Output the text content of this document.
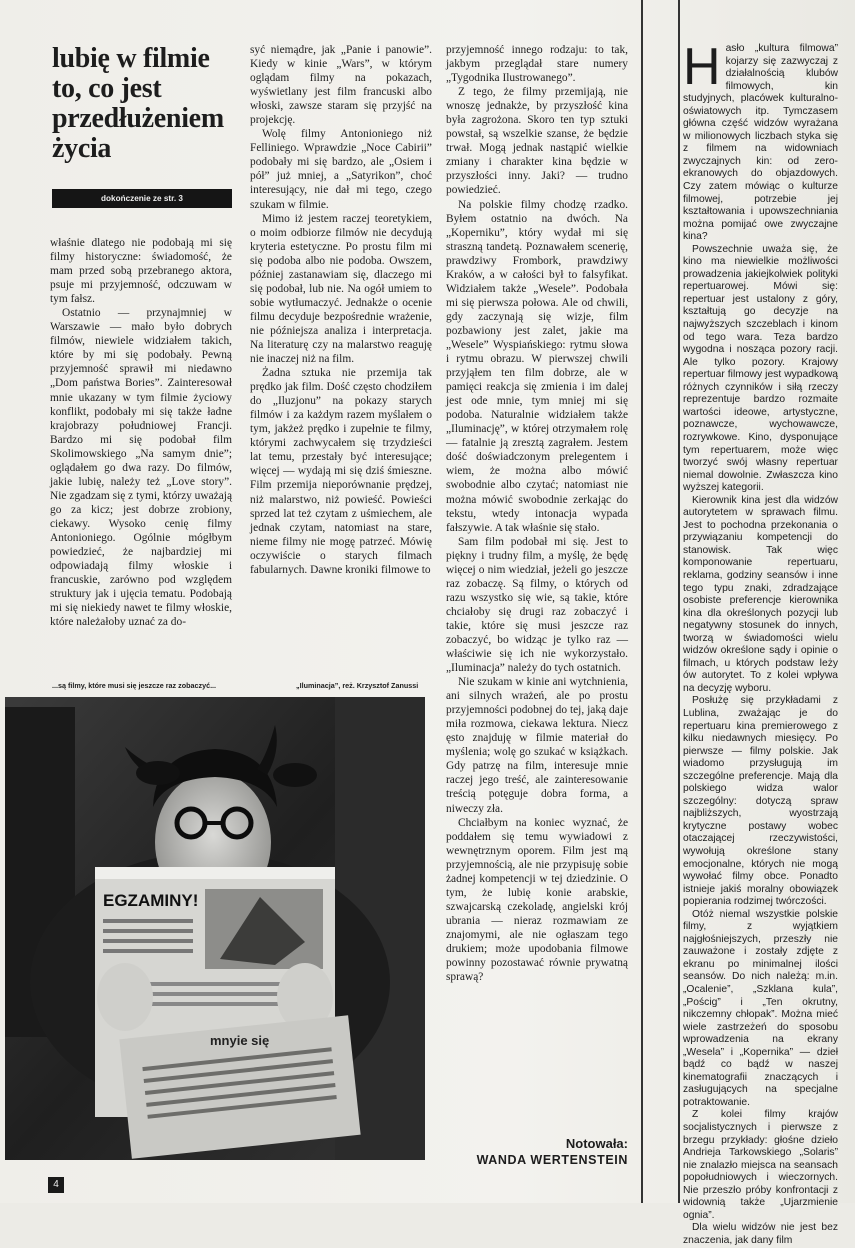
lubię w filmie to, co jest przedłużeniem życia
dokończenie ze str. 3

właśnie dlatego nie podobają mi się filmy historyczne: świadomość, że mam przed sobą przebranego aktora, psuje mi przyjemność, odczuwam w tym fałsz.

Ostatnio — przynajmniej w Warszawie — mało było dobrych filmów, niewiele widziałem takich, które by mi się podobały. Pewną przyjemność sprawił mi niedawno „Dom państwa Bories”. Zainteresował mnie ukazany w tym filmie życiowy konflikt, podobały mi się także ładne krajobrazy południowej Francji. Bardzo mi się podobał film Skolimowskiego „Na samym dnie”; oglądałem go dwa razy. Do filmów, jakie lubię, należy też „Love story”. Nie zgadzam się z tymi, którzy uważają go za kicz; jest dobrze zrobiony, ciekawy. Wysoko cenię filmy Antonioniego. Ogólnie mógłbym powiedzieć, że najbardziej mi odpowiadają filmy włoskie i francuskie, zarówno pod względem struktury jak i ujęcia tematu. Podobają mi się niekiedy nawet te filmy włoskie, które należałoby uznać za do-

syć niemądre, jak „Panie i panowie”. Kiedy w kinie „Wars”, w którym oglądam filmy na pokazach, wyświetlany jest film francuski albo włoski, zawsze staram się przyjść na projekcję.

Wolę filmy Antonioniego niż Felliniego. Wprawdzie „Noce Cabirii” podobały mi się bardzo, ale „Osiem i pół” już mniej, a „Satyrikon”, choć interesujący, nie dał mi tego, czego szukam w filmie.

Mimo iż jestem raczej teoretykiem, o moim odbiorze filmów nie decydują kryteria estetyczne. Po prostu film mi się podoba albo nie podoba. Owszem, później zastanawiam się, dlaczego mi się podobał, lub nie. Na ogół umiem to sobie wytłumaczyć. Jednakże o ocenie filmu decyduje bezpośrednie wrażenie, nie późniejsza analiza i interpretacja. Na literaturę czy na malarstwo reaguję nie inaczej niż na film.

Żadna sztuka nie przemija tak prędko jak film. Dość często chodziłem do „Iluzjonu” na pokazy starych filmów i za każdym razem myślałem o tym, jakżeż prędko i zupełnie te filmy, którymi zachwycałem się trzydzieści lat temu, przestały być interesujące; więcej — wydają mi się dziś śmieszne. Film przemija nieporównanie prędzej, niż malarstwo, niż powieść. Powieści sprzed lat też czytam z uśmiechem, ale jednak czytam, natomiast na stare, nieme filmy nie mogę patrzeć. Mówię oczywiście o starych filmach fabularnych. Dawne kroniki filmowe to

przyjemność innego rodzaju: to tak, jakbym przeglądał stare numery „Tygodnika Ilustrowanego”.

Z tego, że filmy przemijają, nie wnoszę jednakże, by przyszłość kina była zagrożona. Skoro ten typ sztuki powstał, są wszelkie szanse, że będzie trwał. Mogą jednak nastąpić wielkie zmiany i charakter kina będzie w przyszłości inny. Jaki? — trudno powiedzieć.

Na polskie filmy chodzę rzadko. Byłem ostatnio na dwóch. Na „Koperniku”, który wydał mi się straszną tandetą. Poznawałem scenerię, prawdziwy Frombork, prawdziwy Kraków, a w całości był to falsyfikat. Widziałem także „Wesele”. Podobała mi się pierwsza połowa. Ale od chwili, gdy zaczynają się wizje, film pozbawiony jest zalet, jakie ma „Wesele” Wyspiańskiego: rytmu słowa i rytmu obrazu. W pierwszej chwili przyjąłem ten film dobrze, ale w pamięci reakcja się zmienia i im dalej jest ode mnie, tym mniej mi się podoba. Naturalnie widziałem także „Iluminację”, w której otrzymałem rolę — fatalnie ją zresztą zagrałem. Jestem dość doświadczonym prelegentem i wiem, że można albo mówić swobodnie albo czytać; natomiast nie można mówić swobodnie zerkając do tekstu, wtedy intonacja wypada fałszywie. A tak właśnie się stało.

Sam film podobał mi się. Jest to piękny i trudny film, a myślę, że będę więcej o nim wiedział, jeżeli go jeszcze raz zobaczę. Są filmy, o których od razu wszystko się wie, są takie, które chciałoby się drugi raz zobaczyć i takie, które się musi jeszcze raz zobaczyć, bo widząc je tylko raz — właściwie się ich nie wykorzystało. „Iluminacja” należy do tych ostatnich.

Nie szukam w kinie ani wytchnienia, ani silnych wrażeń, ale po prostu przyjemności podobnej do tej, jaką daje miła rozmowa, ciekawa lektura. Niecz ęsto znajduję w filmie materiał do myślenia; wolę go szukać w książkach. Gdy patrzę na film, interesuje mnie raczej jego treść, ale zainteresowanie treścią potęguje dobra forma, a niweczy zła.

Chciałbym na koniec wyznać, że poddałem się temu wywiadowi z wewnętrznym oporem. Film jest mą przyjemnością, ale nie przypisuję sobie żadnej kompetencji w tej dziedzinie. O tym, że lubię konie arabskie, szwajcarską czekoladę, angielski krój ubrania — nieraz rozmawiam ze znajomymi, ale nie ogłaszam tego drukiem; może upodobania filmowe powinny pozostawać równie prywatną sprawą?

Notowała:
WANDA WERTENSTEIN
...są filmy, które musi się jeszcze raz zobaczyć...	„Iluminacja”, reż. Krzysztof Zanussi
EGZAMINY!
mnyie się

Hasło „kultura filmowa” kojarzy się zazwyczaj z działalnością klubów filmowych, kin studyjnych, placówek kulturalno-oświatowych itp. Tymczasem główna część widzów wyrażana w milionowych liczbach styka się z filmem na widowniach zwyczajnych kin: od zero-ekranowych do objazdowych. Czy zatem mówiąc o kulturze filmowej, potrzebie jej kształtowania i upowszechniania można pomijać owe zwyczajne kina?

Powszechnie uważa się, że kino ma niewielkie możliwości prowadzenia jakiejkolwiek polityki repertuarowej. Mówi się: repertuar jest ustalony z góry, kształtują go decyzje na najwyższych szczeblach i kinom od tego wara. Teza bardzo wygodna i nosząca pozory racji. Ale tylko pozory. Krajowy repertuar filmowy jest wypadkową różnych czynników i siłą rzeczy reprezentuje bardzo rozmaite wartości ideowe, artystyczne, poznawcze, wychowawcze, rozrywkowe. Kino, dysponujące tym repertuarem, może więc tworzyć swój własny repertuar niemal dowolnie. Zwłaszcza kino wyższej kategorii.

Kierownik kina jest dla widzów autorytetem w sprawach filmu. Jest to pochodna przekonania o przywiązaniu kompetencji do stanowisk. Tak więc komponowanie repertuaru, reklama, godziny seansów i inne tego typu znaki, zdradzające osobiste preferencje kierownika kina dla określonych pozycji lub negatywny stosunek do innych, tworzą w świadomości wielu widzów określone sądy i opinie o filmach, u których podstaw leży ów autorytet. To z kolei wpływa na decyzję wyboru.

Posłużę się przykładami z Lublina, zważając je do repertuaru kina premierowego z kilku niedawnych miesięcy. Po pierwsze — filmy polskie. Jak wiadomo przysługują im szczególne preferencje. Mają dla polskiego widza walor szczególny: dotyczą spraw najbliższych, wyostrzają krytyczne postawy wobec otaczającej rzeczywistości, wywołują określone stany emocjonalne, których nie mogą wywołać filmy obce. Ponadto istnieje jakiś moralny obowiązek popierania rodzimej twórczości.

Otóż niemal wszystkie polskie filmy, z wyjątkiem najgłośniejszych, przeszły nie zauważone i zostały zdjęte z ekranu po minimalnej ilości seansów. Do nich należą: m.in. „Ocalenie”, „Szklana kula”, „Pościg” i „Ten okrutny, nikczemny chłopak”. Można mieć wiele zastrzeżeń do sposobu wprowadzenia na ekrany „Wesela” i „Kopernika” — dzieł bądź co bądź w naszej kinematografii znaczących i zasługujących na specjalne potraktowanie.

Z kolei filmy krajów socjalistycznych i pierwsze z brzegu przykłady: głośne dzieło Andrieja Tarkowskiego „Solaris” nie znalazło miejsca na seansach popołudniowych i wieczornych. Nie przeszło próby konfrontacji z widownią także „Ujarzmienie ognia”.

Dla wielu widzów nie jest bez znaczenia, jak dany film

4
